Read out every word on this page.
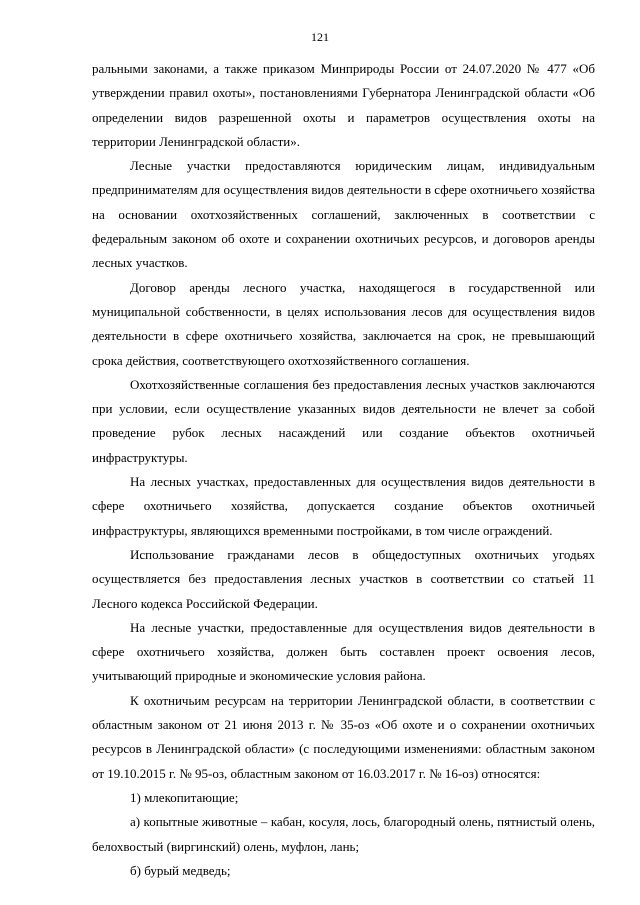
121

ральными законами, а также приказом Минприроды России от 24.07.2020 № 477 «Об утверждении правил охоты», постановлениями Губернатора Ленинградской области «Об определении видов разрешенной охоты и параметров осуществления охоты на территории Ленинградской области».

Лесные участки предоставляются юридическим лицам, индивидуальным предпринимателям для осуществления видов деятельности в сфере охотничьего хозяйства на основании охотхозяйственных соглашений, заключенных в соответствии с федеральным законом об охоте и сохранении охотничьих ресурсов, и договоров аренды лесных участков.

Договор аренды лесного участка, находящегося в государственной или муниципальной собственности, в целях использования лесов для осуществления видов деятельности в сфере охотничьего хозяйства, заключается на срок, не превышающий срока действия, соответствующего охотхозяйственного соглашения.

Охотхозяйственные соглашения без предоставления лесных участков заключаются при условии, если осуществление указанных видов деятельности не влечет за собой проведение рубок лесных насаждений или создание объектов охотничьей инфраструктуры.

На лесных участках, предоставленных для осуществления видов деятельности в сфере охотничьего хозяйства, допускается создание объектов охотничьей инфраструктуры, являющихся временными постройками, в том числе ограждений.

Использование гражданами лесов в общедоступных охотничьих угодьях осуществляется без предоставления лесных участков в соответствии со статьей 11 Лесного кодекса Российской Федерации.

На лесные участки, предоставленные для осуществления видов деятельности в сфере охотничьего хозяйства, должен быть составлен проект освоения лесов, учитывающий природные и экономические условия района.

К охотничьим ресурсам на территории Ленинградской области, в соответствии с областным законом от 21 июня 2013 г. № 35-оз «Об охоте и о сохранении охотничьих ресурсов в Ленинградской области» (с последующими изменениями: областным законом от 19.10.2015 г. № 95-оз, областным законом от 16.03.2017 г. № 16-оз) относятся:

1) млекопитающие;

а) копытные животные – кабан, косуля, лось, благородный олень, пятнистый олень, белохвостый (виргинский) олень, муфлон, лань;

б) бурый медведь;
